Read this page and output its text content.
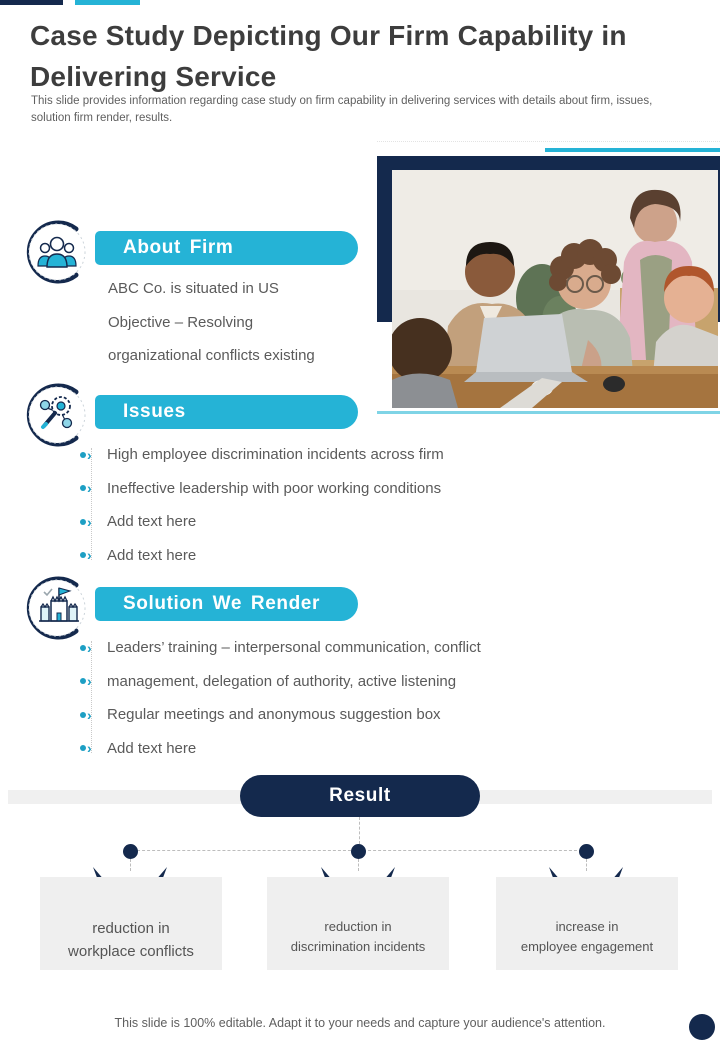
Case Study Depicting Our Firm Capability in Delivering Service

This slide provides information regarding case study on firm capability in delivering services with details about firm, issues, solution firm render, results.

About Firm
ABC Co. is situated in US
Objective – Resolving
organizational conflicts existing
Issues
› High employee discrimination incidents across firm
› Ineffective leadership with poor working conditions
› Add text here
› Add text here
Solution We Render
› Leaders’ training – interpersonal communication, conflict
› management, delegation of authority, active listening
› Regular meetings and anonymous suggestion box
› Add text here
Result
reduction in
workplace conflicts
reduction in
discrimination incidents
increase in
employee engagement
This slide is 100% editable. Adapt it to your needs and capture your audience's attention.
